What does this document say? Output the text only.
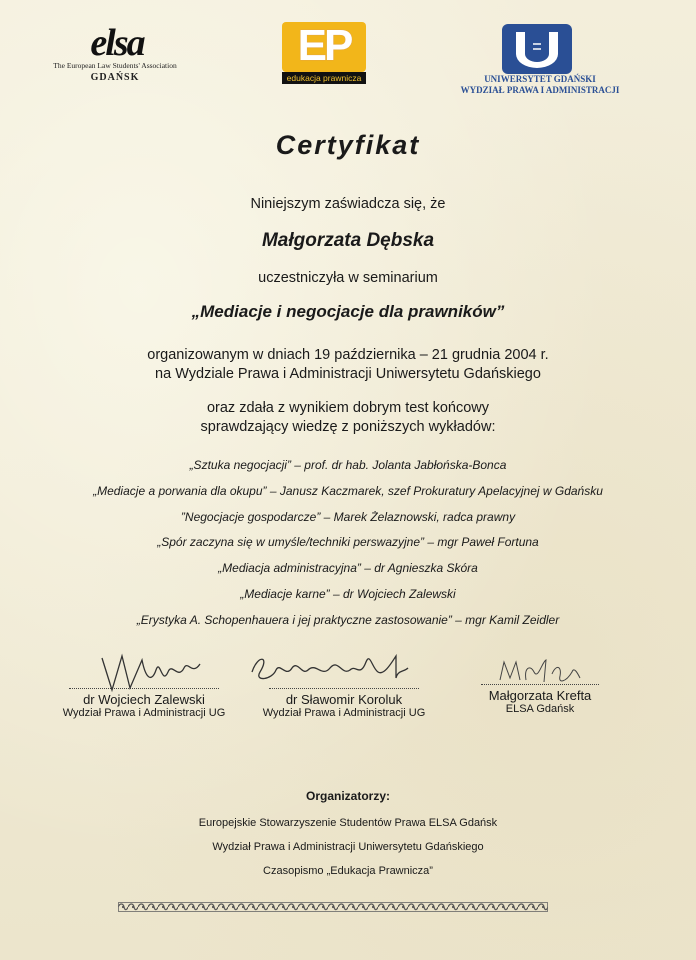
elsa
The European Law Students' Association
GDAŃSK
EP
edukacja prawnicza	UNIWERSYTET GDAŃSKI
WYDZIAŁ PRAWA I ADMINISTRACJI
Certyfikat
Niniejszym zaświadcza się, że
Małgorzata Dębska
uczestniczyła w seminarium
„Mediacje i negocjacje dla prawników”
organizowanym w dniach 19 października – 21 grudnia 2004 r.
na Wydziale Prawa i Administracji Uniwersytetu Gdańskiego
oraz zdała z wynikiem dobrym test końcowy
sprawdzający wiedzę z poniższych wykładów:
„Sztuka negocjacji” – prof. dr hab. Jolanta Jabłońska-Bonca
„Mediacje a porwania dla okupu” – Janusz Kaczmarek, szef Prokuratury Apelacyjnej w Gdańsku
”Negocjacje gospodarcze” – Marek Żelaznowski, radca prawny
„Spór zaczyna się w umyśle/techniki perswazyjne” – mgr Paweł Fortuna
„Mediacja administracyjna” – dr Agnieszka Skóra
„Mediacje karne” – dr Wojciech Zalewski
„Erystyka A. Schopenhauera i jej praktyczne zastosowanie” – mgr Kamil Zeidler
dr Wojciech Zalewski
Wydział Prawa i Administracji UG
dr Sławomir Koroluk
Wydział Prawa i Administracji UG
Małgorzata Krefta
ELSA Gdańsk
Organizatorzy:
Europejskie Stowarzyszenie Studentów Prawa ELSA Gdańsk
Wydział Prawa i Administracji Uniwersytetu Gdańskiego
Czasopismo „Edukacja Prawnicza”
